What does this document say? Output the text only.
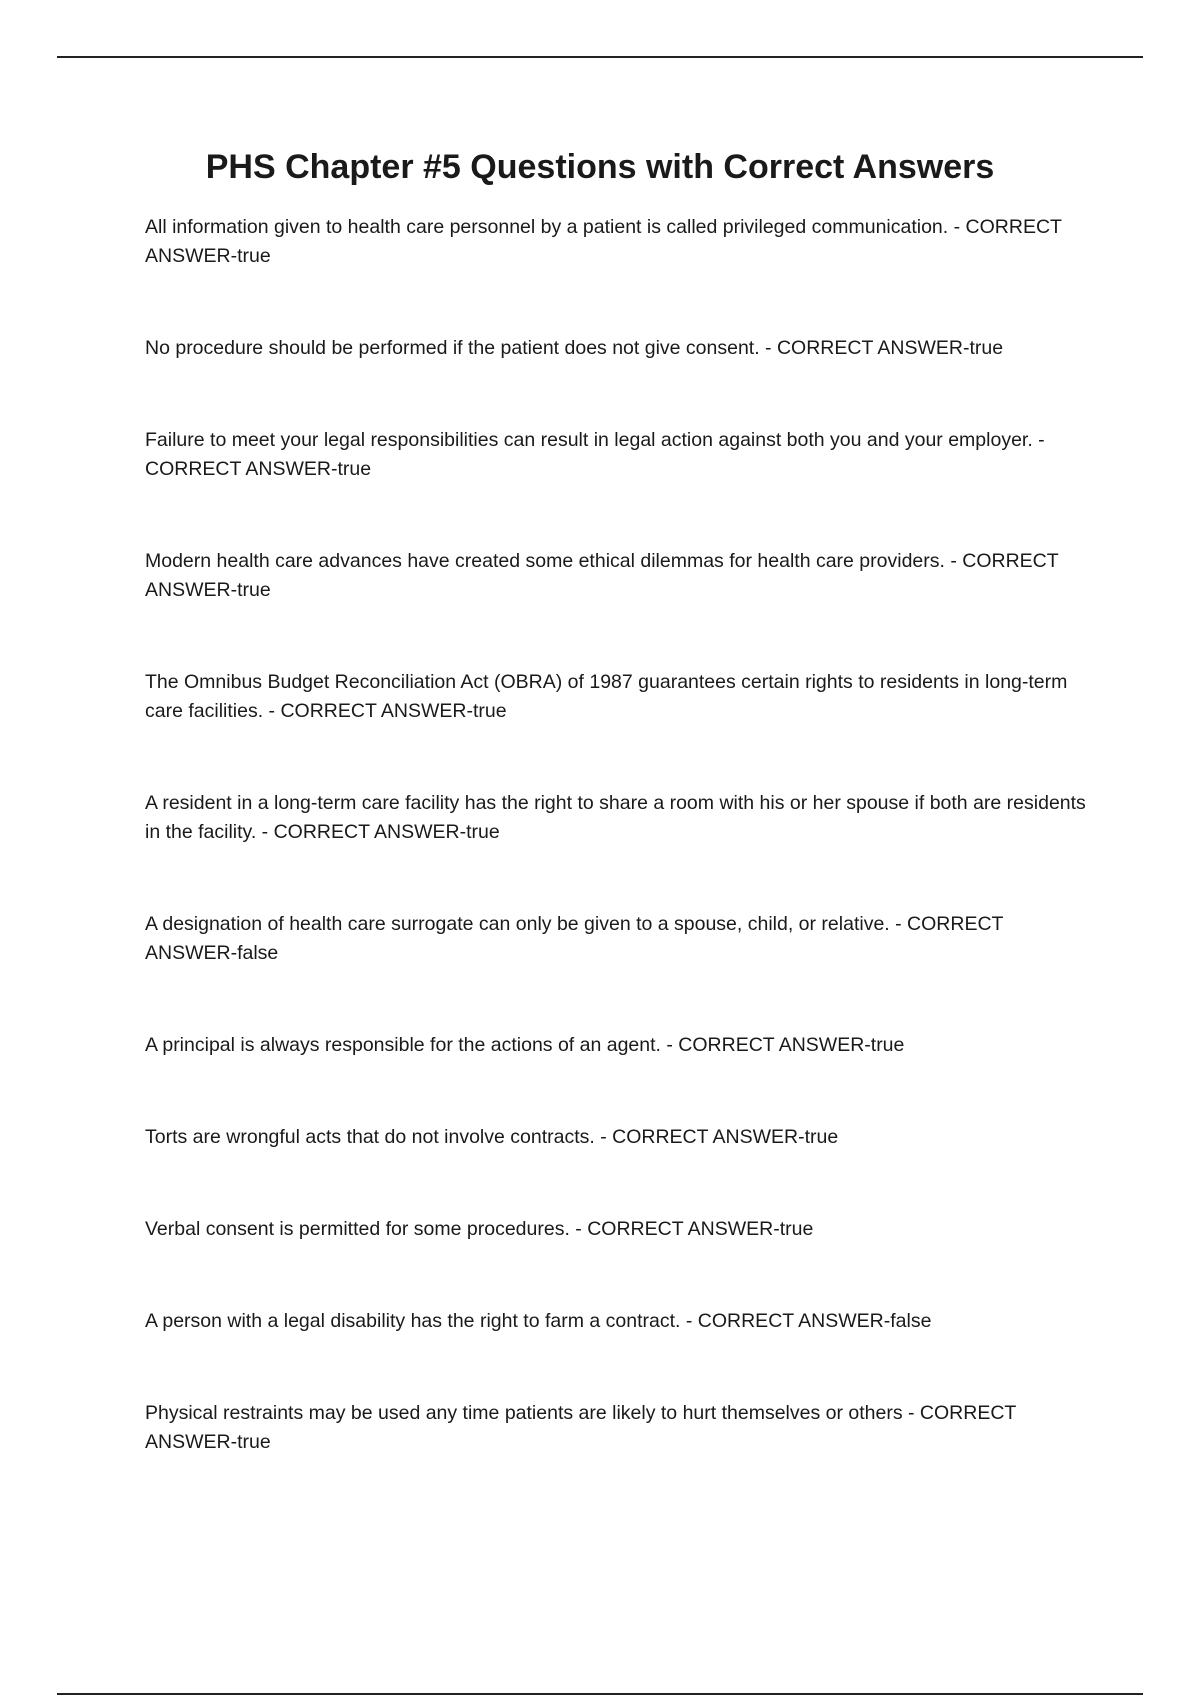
PHS Chapter #5 Questions with Correct Answers
All information given to health care personnel by a patient is called privileged communication. - CORRECT ANSWER-true
No procedure should be performed if the patient does not give consent. - CORRECT ANSWER-true
Failure to meet your legal responsibilities can result in legal action against both you and your employer. - CORRECT ANSWER-true
Modern health care advances have created some ethical dilemmas for health care providers. - CORRECT ANSWER-true
The Omnibus Budget Reconciliation Act (OBRA) of 1987 guarantees certain rights to residents in long-term care facilities. - CORRECT ANSWER-true
A resident in a long-term care facility has the right to share a room with his or her spouse if both are residents in the facility. - CORRECT ANSWER-true
A designation of health care surrogate can only be given to a spouse, child, or relative. - CORRECT ANSWER-false
A principal is always responsible for the actions of an agent. - CORRECT ANSWER-true
Torts are wrongful acts that do not involve contracts. - CORRECT ANSWER-true
Verbal consent is permitted for some procedures. - CORRECT ANSWER-true
A person with a legal disability has the right to farm a contract. - CORRECT ANSWER-false
Physical restraints may be used any time patients are likely to hurt themselves or others - CORRECT ANSWER-true
